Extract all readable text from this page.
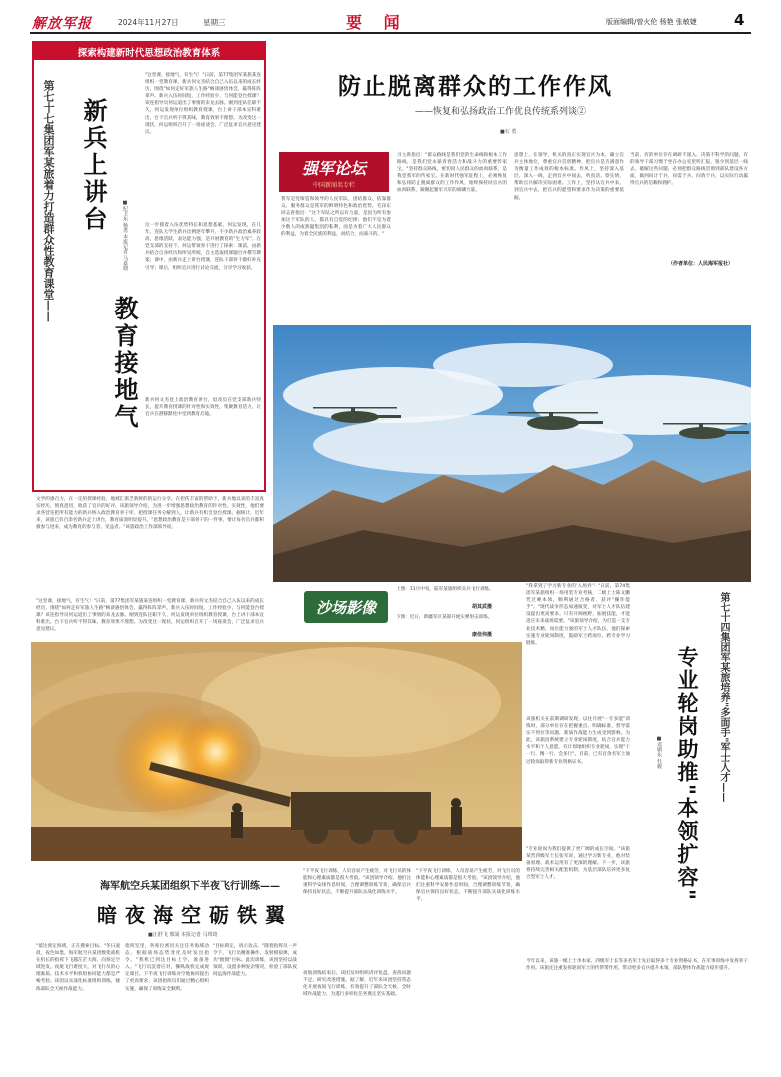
解放军报	2024年11月27日	星期三	要 闻	版面编辑/曾火伦 杨艳 张敏婕 4
探索构建新时代思想政治教育体系
第七十七集团军某旅着力打造群众性教育课堂—— 新兵上讲台
教育接地气
■纪卫东 杨勇 本报记者 马嘉瑭
"这堂课，接地气，有生气！"日前，第77集团军某旅某连组织一堂教育课，新兵何文杰结合自己入伍以来的成长经历，围绕"如何走好军旅人生路"畅谈感悟体会，赢得阵阵掌声。新兵入伍时间短，工作经验少，与何能登台授课？该连指导员何运道出了事情的来龙去脉。刚到连队任职不久，何运发现单位组织教育授课，台上讲干部本宣科难出，台下官兵听不得其味，教育效果不理想。为改变这一现状，何运组织召开了一场座谈会，广泛征求官兵意见建议。
这一步摸着入伍优势特长和思想基础，何运发现，在几年，连队大学生新兵比例逐年攀升，不少新兵政治素养较高，思维活跃，表达能力强，是开展教育的"生力军"。在党支部的支持下，何运带领骨干进行了探索：课前，由新兵结合自身经历和所见所闻，自主选取授课题目并撰写教案；课中，由新兵走上讲台授课，连队干部骨干做好补充引导；课后，组织官兵进行讨论交流，分享学习收获。
新兵何文杰登上政治教育讲台，退改员在党支部新兵特长，提升教育授课的针对性和实效性，集聚教育活力，让官兵在潜移默化中受到教育启迪。
文学的感召力，在一定的授课经验，地域汇渐乏新鲜的的运行分享。在担伤丰富的帮助下，新兵地以来的丰富真实经历，情真意切，收获了官兵的好评。该旅领导介绍，为进一步增强思想政治教育的针对性、实效性，他们要求各营连把所有能力的新兵纳入政治教育骨干库，把授课任务分解到人，让新兵有机会登台授课。据统计，近年来，该旅已有百余名新兵走上讲台，教育质效明显提升。"思想政治教育是干部骨干的一件事，要让每名官兵都积极参与进来，成为教育的参与者、受益者。"该旅政治工作部领导说。
防止脱离群众的工作作风
——恢复和弘扬政治工作优良传统系列谈②
■石 勇
强军论坛
中国新闻名专栏
我军是党缔造和领导的人民军队，团结群众、依靠群众、服务群众是我军的鲜明特色和政治优势。毛泽东同志曾指出："这个军队之所以有力量，是因为所有参加这个军队的人，都具有自觉的纪律；他们不是为着少数人的或狭隘集团的私利，而是为着广大人民群众的利益，为着全民族的利益，而结合，而战斗的。"
习主席指出："群众路线是我们党的生命线和根本工作路线，是我们党永葆青春活力和战斗力的重要传家宝。"坚持群众路线，密切同人民群众的血肉联系，是我党我军的传家宝。在新时代强军征程上，必须恢复和弘扬防止脱离群众的工作作风，始终保持同官兵的血肉联系，凝聚起强军兴军的磅礴力量。
思想上，在领导、机关的真正实现官兵为本，确立官兵主体地位，尊重官兵首创精神，把官兵是否满意作为衡量工作成效的根本标准。作风上，坚持深入基层、深入一线，走到官兵中间去，听真话、察实情，帮助官兵解决实际困难。工作上，坚持从官兵中来、到官兵中去，把官兵的愿望和要求作为决策的重要依据。
当前，有的单位存在调研不深入、决策不科学的问题，有的领导干部习惯于坐在办公室里听汇报，很少到基层一线去。破解这些问题，必须把群众路线贯彻到部队建设各方面，做到问计于兵、问需于兵、问效于兵，以实际行动赢得官兵的信赖和拥护。
（作者单位：人民海军报社）
沙场影像
上图：11月中旬，陆军某旅组织实兵飞行训练。
胡其武摄
下图：近日，新疆军区某部开展实弹射击训练。
康佳伟摄
"这堂课，接地气，有生气！"日前，第77集团军某旅某连组织一堂教育课，新兵何文杰结合自己入伍以来的成长经历，围绕"如何走好军旅人生路"畅谈感悟体会，赢得阵阵掌声。新兵入伍时间短，工作经验少，与何能登台授课？该连指导员何运道出了事情的来龙去脉。刚到连队任职不久，何运发现单位组织教育授课，台上讲干部本宣科难出，台下官兵听不得其味，教育效果不理想。为改变这一现状，何运组织召开了一场座谈会，广泛征求官兵意见建议。
"我拿到了学习新专业的'入场券'！"日前，第74集团军某旅组织一场用装专业考核，二级上士陈文鹏凭过硬本领，顺利通过合格者，获评"操作能手"。"现代战争形态加速演变，对军士人才队伍建设提出更高要求。只有开阔视野、拓展技能，才能适应未来战场需要。"该旅领导介绍，为打造一支专业技术精、岗位能力强的军士人才队伍，他们探索实施专业轮岗制度，鼓励军士跨岗位、跨专业学习锻炼。
该旅机关在前期调研发现，以往开展"一专多能"训练时，部分单位存在把握重点、明确标准、督导落实不到位等问题，新质作战能力生成受到影响。为此，该旅因系统建立专业轮岗制度，结合官兵能力水平和个人意愿，有计划地组织专业轮岗，实现"干一行、精一行、会多行"。目前，已有百余名军士通过轮岗取得新专业资格证书。
"专业轮岗为我们提供了更广阔的成长空间。"该旅某营四级军士长张军说，通过学习新专业，他对装备原理、战术运用有了更深的理解。下一步，该旅将持续完善相关配套机制，为基层部队培养更多复合型军士人才。
第七十四集团军某旅培养"多面手"军士人才——
专业轮岗助推"本领扩容"
■邓朝东 杜毅
今年以来，该旅一级上士李本家、四级军士长等多名军士先后取得多个专业资格证书，在军事训练中发挥骨干作用。该旅还注重发挥轮岗军士的传帮带作用，带动更多官兵提升本领，部队整体作战能力稳步提升。
海军航空兵某团组织下半夜飞行训练——
暗夜海空砺铁翼
■汪舒飞 邢闻 本报记者 马琪琦
"抵达预定海域，正在搜索目标。"冬日凌晨，夜色如墨，海军航空兵某团数架战机在机长的指挥下飞越茫茫大海，向预定空域进发。夜航飞行难度大，对飞行员的心理素质、技术水平和机组协同能力都是严峻考验。该团以实战化标准组织训练，锤炼部队全天候作战能力。
指挥室里，各席位密切关注任务海域动态，根据战场态势变化及时发出指令。"我机已到达目标上空，准备进入。"飞行员沉着应对，操纵战机完成规定课目。下半夜飞行训练对空地协同提出了更高要求，该团指挥员们通过精心组织实施，确保了训练安全顺利。
"目标锁定，请示攻击。"随着指挥员一声令下，飞行员精准操作，发射模拟弹，成功"摧毁"目标。此次训练，该团坚持以战领训，设置多种复杂情况，检验了部队夜间远海作战能力。
"下半夜飞行训练，人员容易产生疲劳，对飞行员的体能和心理素质都是很大考验。"该团领导介绍，他们注重科学安排作息时间，合理调整训练节奏，确保官兵保持良好状态，不断提升部队实战化训练水平。
夜航训练结束后，该团及时组织讲评复盘，查找问题不足，研究改进措施。据了解，近年来该团坚持常态化开展夜间飞行训练，有效提升了部队全天候、全时域作战能力，为遂行多样化任务奠定坚实基础。
"下半夜飞行训练，人员容易产生疲劳，对飞行员的体能和心理素质都是很大考验。"该团领导介绍，他们注重科学安排作息时间，合理调整训练节奏，确保官兵保持良好状态，不断提升部队实战化训练水平。
